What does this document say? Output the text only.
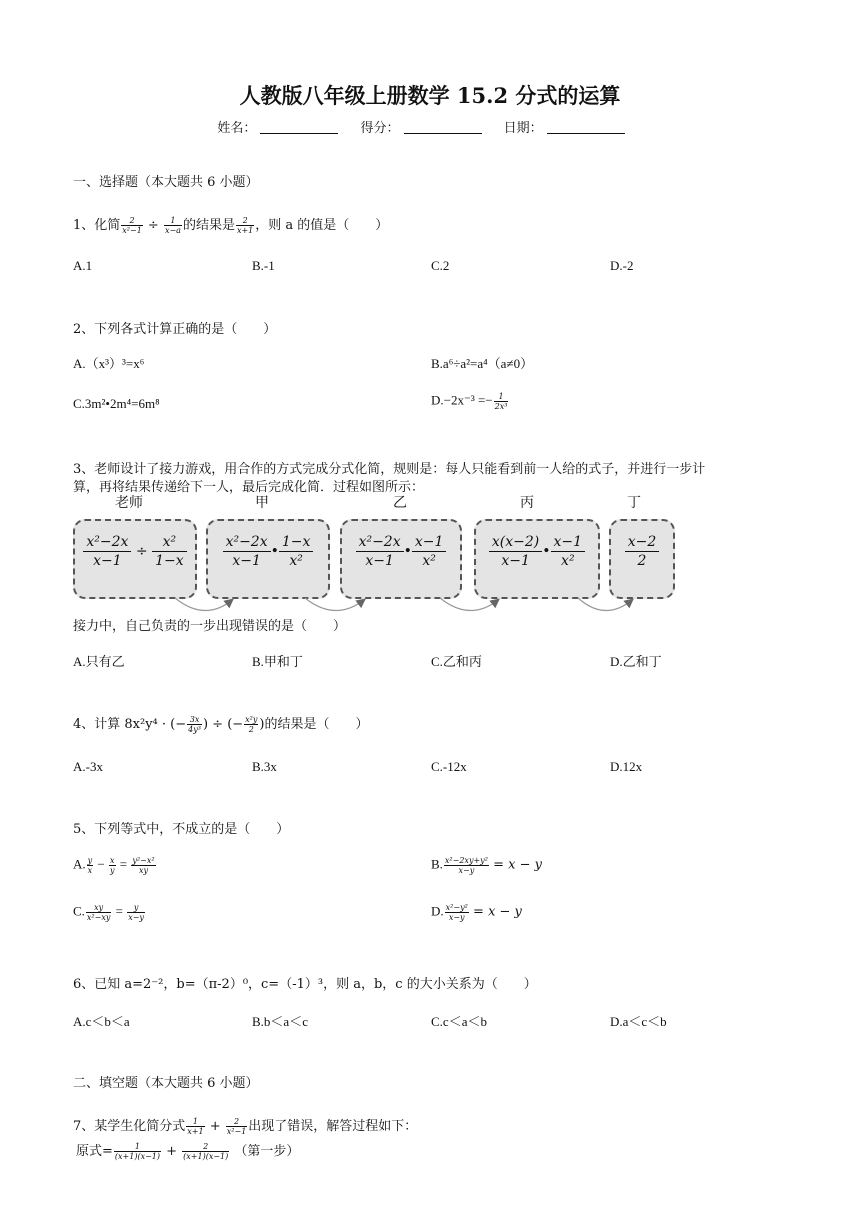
人教版八年级上册数学 15.2 分式的运算
姓名：	得分：	日期：
一、选择题（本大题共 6 小题）
1、化简 $\frac{2}{\text{x²−1}} \div \frac{1}{x-a}$ 的结果是 $\frac{2}{x+1}$ ，则 a 的值是（　　）
A.1	B.-1	C.2	D.-2
2、下列各式计算正确的是（　　）
A.（x³）³=x⁶	B.a⁶÷a²=a⁴（a≠0）
C.3m²•2m⁴=6m⁸	$D.-2x^{-3} =- \frac{1}{\text{2x³}}$
3、老师设计了接力游戏，用合作的方式完成分式化简，规则是：每人只能看到前一人给的式子，并进行一步计
算，再将结果传递给下一人，最后完成化简．过程如图所示：
老师	甲	乙	丙	丁
$\frac{\text{x²−2x}}{x-1} \div \frac{\text{x²}}{1-x}$	$\frac{\text{x²−2x}}{x-1}$ • $\frac{1-x}{\text{x²}}$	$\frac{\text{x²−2x}}{x-1}$ • $\frac{x-1}{\text{x²}}$	$\frac{x(x-2)}{x-1}$ • $\frac{x-1}{\text{x²}}$	$\frac{x-2}{2}$
接力中，自己负责的一步出现错误的是（　　）
A.只有乙	B.甲和丁	C.乙和丙	D.乙和丁
4、计算 8x²y⁴ · (− $\frac{3x}{\text{4y³}}$ ) ÷ (− $\frac{\text{x²y}}{2}$ )的结果是（　　）
A.-3x	B.3x	C.-12x	D.12x
5、下列等式中，不成立的是（　　）
A. $\frac{y}{x} - \frac{x}{y} = \frac{\text{y²−x²}}{xy}$	B. $\frac{\text{x²−2xy+y²}}{x-y} = x - y$
C. $\frac{xy}{\text{x²−xy}} = \frac{y}{x-y}$	D. $\frac{\text{x²−y²}}{x-y} = x - y$
6、已知 a=2⁻²，b=（π-2）⁰，c=（-1）³，则 a，b，c 的大小关系为（　　）
A.c＜b＜a	B.b＜a＜c	C.c＜a＜b	D.a＜c＜b
二、填空题（本大题共 6 小题）
7、某学生化简分式 $\frac{1}{x+1} + \frac{2}{\text{x²−1}}$ 出现了错误，解答过程如下：
原式= $\frac{1}{(x+1)(x-1)} + \frac{2}{(x+1)(x-1)}$ （第一步）
